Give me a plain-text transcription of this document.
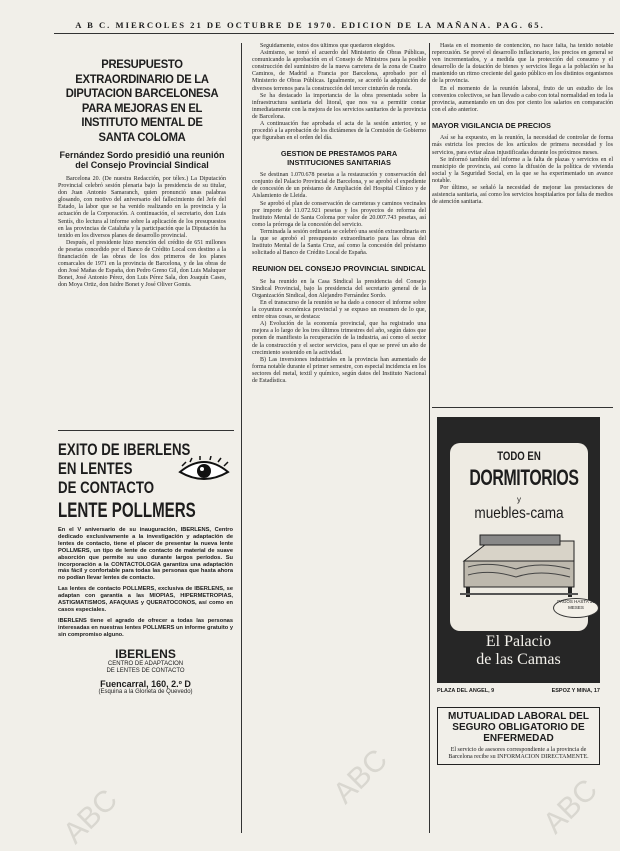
A B C. MIERCOLES 21 DE OCTUBRE DE 1970. EDICION DE LA MAÑANA. PAG. 65.
PRESUPUESTO EXTRAORDINARIO DE LA DIPUTACION BARCELONESA PARA MEJORAS EN EL INSTITUTO MENTAL DE SANTA COLOMA
Fernández Sordo presidió una reunión del Consejo Provincial Sindical

Barcelona 20. (De nuestra Redacción, por télex.) La Diputación Provincial celebró sesión plenaria bajo la presidencia de su titular, don Juan Antonio Samaranch, quien pronunció unas palabras glosando, con motivo del aniversario del fallecimiento del Jefe del Estado, la labor que se ha venido realizando en la provincia y la actuación de la Corporación. A continuación, el secretario, don Luis Sentís, dio lectura al informe sobre la aplicación de los presupuestos en las provincias de Cataluña y la participación que la Diputación ha tenido en los diversos planes de desarrollo provincial.

Después, el presidente hizo mención del crédito de 651 millones de pesetas concedido por el Banco de Crédito Local con destino a la financiación de las obras de los dos primeros de los planes comarcales de 1971 en la provincia de Barcelona, y de las obras de don José Mañas de España, don Pedro Greno Gil, don Luis Maluquer Bonet, José Antonio Pérez, don Luis Pérez Sala, don Joaquín Cases, don Moya Ortiz, don Isidre Bonet y José Oliver Gomis.

EXITO DE IBERLENS
EN LENTES
DE CONTACTO
LENTE POLLMERS
En el V aniversario de su inauguración, IBERLENS, Centro dedicado exclusivamente a la investigación y adaptación de lentes de contacto, tiene el placer de presentar la nueva lente POLLMERS, un tipo de lente de contacto de material de suave absorción que permite su uso durante largos períodos. Su incorporación a la CONTACTOLOGIA garantiza una adaptación más fácil y confortable para todas las personas que hasta ahora no podían llevar lentes de contacto.
Las lentes de contacto POLLMERS, exclusiva de IBERLENS, se adaptan con garantía a las MIOPIAS, HIPERMETROPIAS, ASTIGMATISMOS, AFAQUIAS y QUERATOCONOS, así como en casos especiales.
IBERLENS tiene el agrado de ofrecer a todas las personas interesadas en nuestras lentes POLLMERS un informe gratuito y sin compromiso alguno.
IBERLENS
CENTRO DE ADAPTACION
DE LENTES DE CONTACTO
Fuencarral, 160, 2.º D
(Esquina a la Glorieta de Quevedo)

Seguidamente, estos dos últimos que quedaron elegidos.

Asimismo, se tomó el acuerdo del Ministerio de Obras Públicas, comunicando la aprobación en el Consejo de Ministros para la posible construcción del suministro de la nueva carretera de la zona de Cuatro Caminos, de Madrid a Francia por Barcelona, aprobado por el Ministerio de Obras Públicas. Igualmente, se acordó la adquisición de diversos terrenos para la construcción del tercer cinturón de ronda.

Se ha destacado la importancia de la obra presentada sobre la infraestructura sanitaria del litoral, que nos va a permitir contar inmediatamente con la mejora de los servicios sanitarios de la provincia de Barcelona.

A continuación fue aprobada el acta de la sesión anterior, y se procedió a la aprobación de los dictámenes de la Comisión de Gobierno que figuraban en el orden del día.

GESTION DE PRESTAMOS PARA INSTITUCIONES SANITARIAS

Se destinan 1.070.678 pesetas a la restauración y conservación del conjunto del Palacio Provincial de Barcelona, y se aprobó el expediente de concesión de un préstamo de Ampliación del Hospital Clínico y de Aislamiento de Lleida.

Se aprobó el plan de conservación de carreteras y caminos vecinales por importe de 11.072.921 pesetas y los proyectos de reforma del Instituto Mental de Santa Coloma por valor de 20.007.743 pesetas, así como la prórroga de la concesión del servicio.

Terminada la sesión ordinaria se celebró una sesión extraordinaria en la que se aprobó el presupuesto extraordinario para las obras del Instituto Mental de la Santa Cruz, así como la concesión del préstamo solicitado al Banco de Crédito Local de España.

REUNION DEL CONSEJO PROVINCIAL SINDICAL

Se ha reunido en la Casa Sindical la presidencia del Consejo Sindical Provincial, bajo la presidencia del secretario general de la Organización Sindical, don Alejandro Fernández Sordo.

En el transcurso de la reunión se ha dado a conocer el informe sobre la coyuntura económica provincial y se expuso un resumen de lo que, entre otras cosas, se destaca:

A) Evolución de la economía provincial, que ha registrado una mejora a lo largo de los tres últimos trimestres del año, según datos que ponen de manifiesto la recuperación de la industria, así como el sector de la construcción y el sector servicios, para el que se prevé un año de crecimiento sostenido en la actividad.

B) Las inversiones industriales en la provincia han aumentado de forma notable durante el primer semestre, con especial incidencia en los sectores del metal, textil y químico, según datos del Instituto Nacional de Estadística.

Hasta en el momento de contención, no hace falta, ha tenido notable repercusión. Se prevé el desarrollo inflacionario, los precios en general se ven incrementados, y a medida que la protección del consumo y el desarrollo de la dotación de bienes y servicios llega a la población se ha mantenido un ritmo creciente del gasto público en los distintos organismos de la provincia.

En el momento de la reunión laboral, fruto de un estudio de los convenios colectivos, se han llevado a cabo con total normalidad en toda la provincia, aumentando en un dos por ciento los salarios en comparación con el año anterior.

MAYOR VIGILANCIA DE PRECIOS

Así se ha expuesto, en la reunión, la necesidad de controlar de forma más estricta los precios de los artículos de primera necesidad y los servicios, para evitar alzas injustificadas durante los próximos meses.

Se informó también del informe a la falta de plazas y servicios en el municipio de provincia, así como la difusión de la política de vivienda social y la Seguridad Social, en la que se ha experimentado un avance notable.

Por último, se señaló la necesidad de mejorar las prestaciones de asistencia sanitaria, así como los servicios hospitalarios por falta de medios de atención sanitaria.

TODO EN
DORMITORIOS
y
muebles-cama
PAGOS HASTA 36 MESES
El Palacio
de las Camas
PLAZA DEL ANGEL, 9	ESPOZ Y MINA, 17
MUTUALIDAD LABORAL DEL SEGURO OBLIGATORIO DE ENFERMEDAD
El servicio de asesores correspondiente a la provincia de Barcelona recibe su INFORMACION DIRECTAMENTE.
ABC
ABC	ABC
